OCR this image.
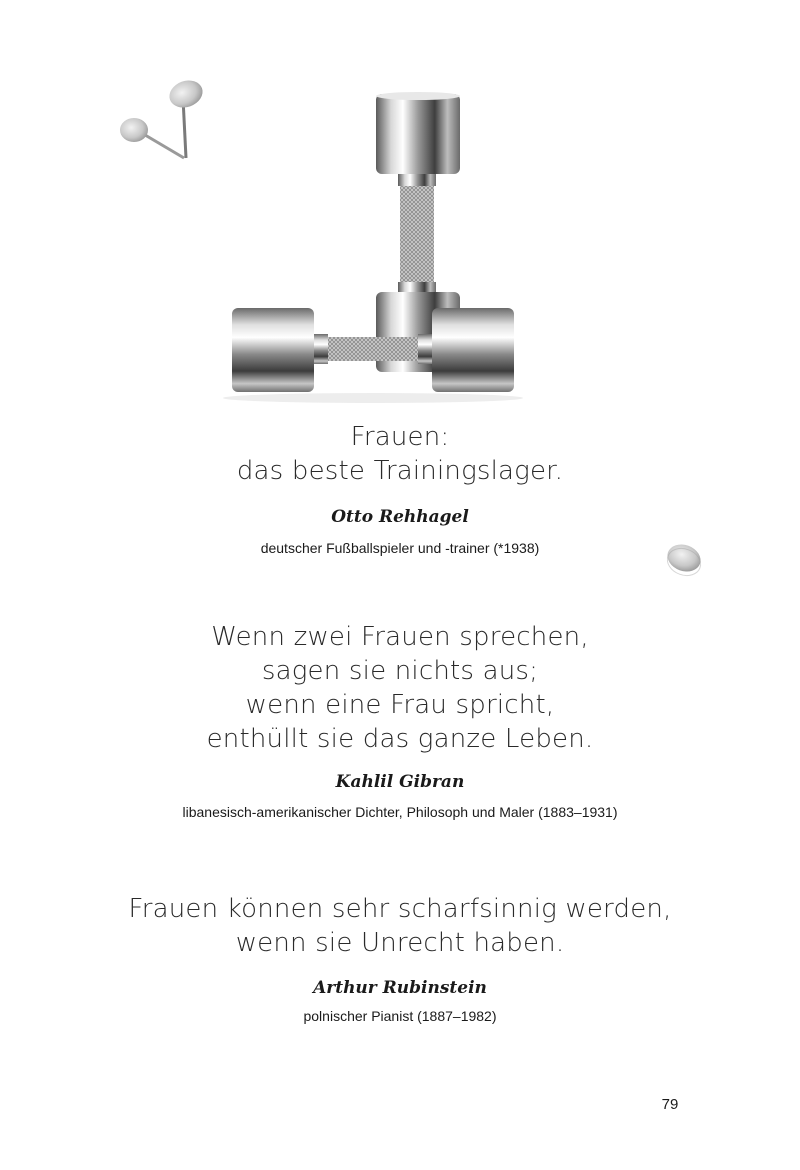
Frauen:
das beste Trainingslager.
Otto Rehhagel
deutscher Fußballspieler und -trainer (*1938)
Wenn zwei Frauen sprechen,
sagen sie nichts aus;
wenn eine Frau spricht,
enthüllt sie das ganze Leben.
Kahlil Gibran
libanesisch-amerikanischer Dichter, Philosoph und Maler (1883–1931)
Frauen können sehr scharfsinnig werden,
wenn sie Unrecht haben.
Arthur Rubinstein
polnischer Pianist (1887–1982)
79
